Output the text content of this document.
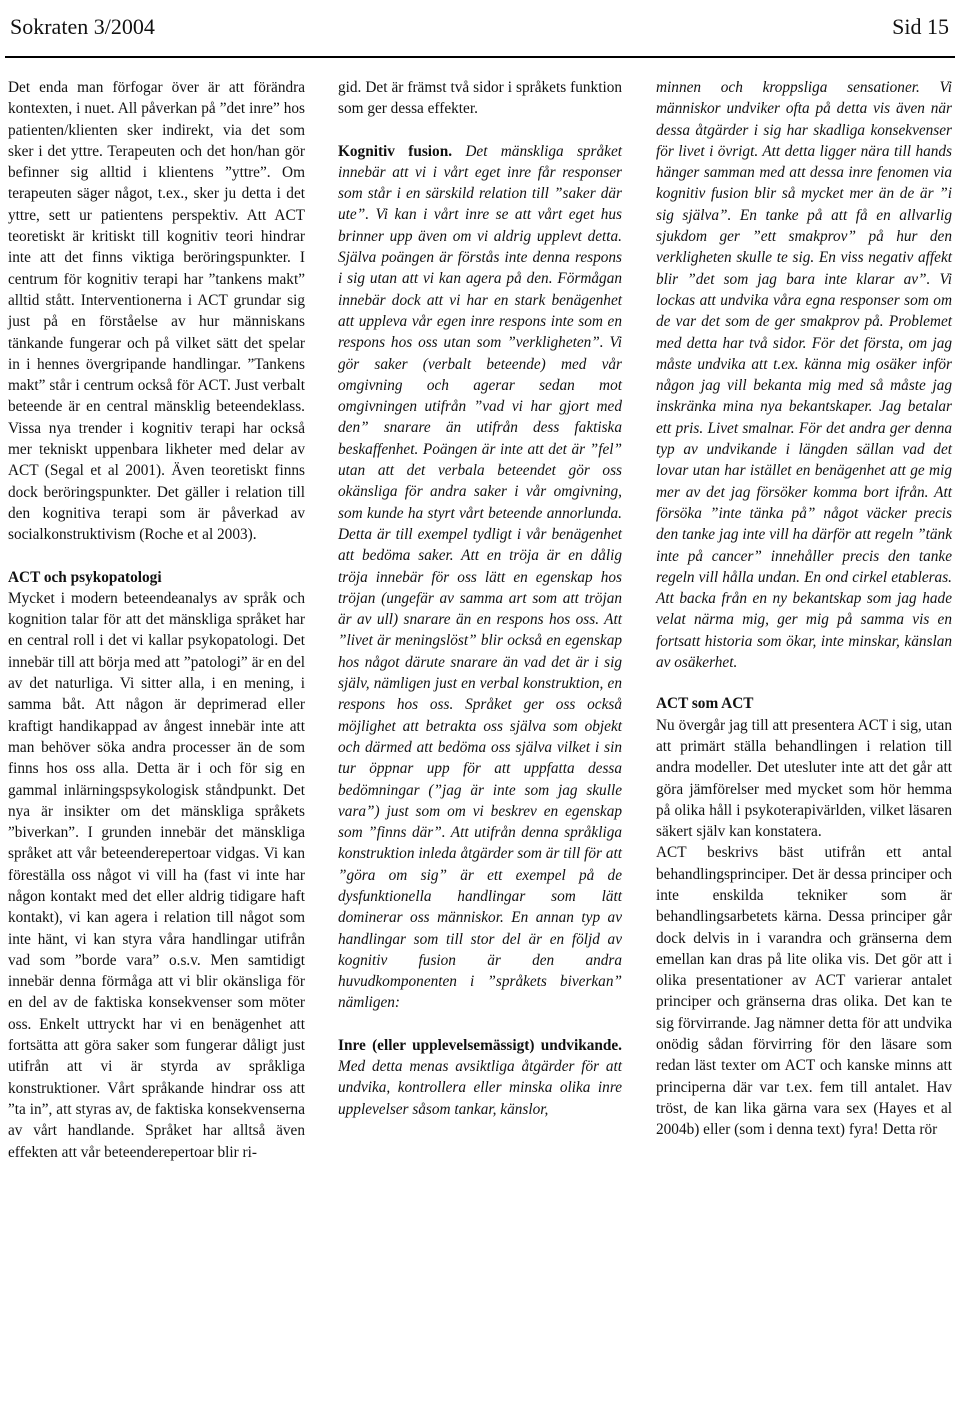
Sokraten 3/2004	Sid 15

Det enda man förfogar över är att förändra kontexten, i nuet. All påverkan på ”det inre” hos patienten/klienten sker indirekt, via det som sker i det yttre. Terapeuten och det hon/han gör befinner sig alltid i klientens ”yttre”. Om terapeuten säger något, t.ex., sker ju detta i det yttre, sett ur patientens perspektiv. Att ACT teoretiskt är kritiskt till kognitiv teori hindrar inte att det finns viktiga beröringspunkter. I centrum för kognitiv terapi har ”tankens makt” alltid stått. Interventionerna i ACT grundar sig just på en förståelse av hur människans tänkande fungerar och på vilket sätt det spelar in i hennes övergripande handlingar. ”Tankens makt” står i centrum också för ACT. Just verbalt beteende är en central mänsklig beteendeklass. Vissa nya trender i kognitiv terapi har också mer tekniskt uppenbara likheter med delar av ACT (Segal et al 2001). Även teoretiskt finns dock beröringspunkter. Det gäller i relation till den kognitiva terapi som är påverkad av socialkonstruktivism (Roche et al 2003).

ACT och psykopatologi

Mycket i modern beteendeanalys av språk och kognition talar för att det mänskliga språket har en central roll i det vi kallar psykopatologi. Det innebär till att börja med att ”patologi” är en del av det naturliga. Vi sitter alla, i en mening, i samma båt. Att någon är deprimerad eller kraftigt handikappad av ångest innebär inte att man behöver söka andra processer än de som finns hos oss alla. Detta är i och för sig en gammal inlärningspsykologisk ståndpunkt. Det nya är insikter om det mänskliga språkets ”biverkan”. I grunden innebär det mänskliga språket att vår beteenderepertoar vidgas. Vi kan föreställa oss något vi vill ha (fast vi inte har någon kontakt med det eller aldrig tidigare haft kontakt), vi kan agera i relation till något som inte hänt, vi kan styra våra handlingar utifrån vad som ”borde vara” o.s.v. Men samtidigt innebär denna förmåga att vi blir okänsliga för en del av de faktiska konsekvenser som möter oss. Enkelt uttryckt har vi en benägenhet att fortsätta att göra saker som fungerar dåligt just utifrån att vi är styrda av språkliga konstruktioner. Vårt språkande hindrar oss att ”ta in”, att styras av, de faktiska konsekvenserna av vårt handlande. Språket har alltså även effekten att vår beteenderepertoar blir ri-

gid. Det är främst två sidor i språkets funktion som ger dessa effekter.

Kognitiv fusion. Det mänskliga språket innebär att vi i vårt eget inre får responser som står i en särskild relation till ”saker där ute”. Vi kan i vårt inre se att vårt eget hus brinner upp även om vi aldrig upplevt detta. Själva poängen är förstås inte denna respons i sig utan att vi kan agera på den. Förmågan innebär dock att vi har en stark benägenhet att uppleva vår egen inre respons inte som en respons hos oss utan som ”verkligheten”. Vi gör saker (verbalt beteende) med vår omgivning och agerar sedan mot omgivningen utifrån ”vad vi har gjort med den” snarare än utifrån dess faktiska beskaffenhet. Poängen är inte att det är ”fel” utan att det verbala beteendet gör oss okänsliga för andra saker i vår omgivning, som kunde ha styrt vårt beteende annorlunda. Detta är till exempel tydligt i vår benägenhet att bedöma saker. Att en tröja är en dålig tröja innebär för oss lätt en egenskap hos tröjan (ungefär av samma art som att tröjan är av ull) snarare än en respons hos oss. Att ”livet är meningslöst” blir också en egenskap hos något därute snarare än vad det är i sig själv, nämligen just en verbal konstruktion, en respons hos oss. Språket ger oss också möjlighet att betrakta oss själva som objekt och därmed att bedöma oss själva vilket i sin tur öppnar upp för att uppfatta dessa bedömningar (”jag är inte som jag skulle vara”) just som om vi beskrev en egenskap som ”finns där”. Att utifrån denna språkliga konstruktion inleda åtgärder som är till för att ”göra om sig” är ett exempel på de dysfunktionella handlingar som lätt dominerar oss människor. En annan typ av handlingar som till stor del är en följd av kognitiv fusion är den andra huvudkomponenten i ”språkets biverkan” nämligen:

Inre (eller upplevelsemässigt) undvikande. Med detta menas avsiktliga åtgärder för att undvika, kontrollera eller minska olika inre upplevelser såsom tankar, känslor,

minnen och kroppsliga sensationer. Vi människor undviker ofta på detta vis även när dessa åtgärder i sig har skadliga konsekvenser för livet i övrigt. Att detta ligger nära till hands hänger samman med att dessa inre fenomen via kognitiv fusion blir så mycket mer än de är ”i sig själva”. En tanke på att få en allvarlig sjukdom ger ”ett smakprov” på hur den verkligheten skulle te sig. En viss negativ affekt blir ”det som jag bara inte klarar av”. Vi lockas att undvika våra egna responser som om de var det som de ger smakprov på. Problemet med detta har två sidor. För det första, om jag måste undvika att t.ex. känna mig osäker inför någon jag vill bekanta mig med så måste jag inskränka mina nya bekantskaper. Jag betalar ett pris. Livet smalnar. För det andra ger denna typ av undvikande i längden sällan vad det lovar utan har istället en benägenhet att ge mig mer av det jag försöker komma bort ifrån. Att försöka ”inte tänka på” något väcker precis den tanke jag inte vill ha därför att regeln ”tänk inte på cancer” innehåller precis den tanke regeln vill hålla undan. En ond cirkel etableras. Att backa från en ny bekantskap som jag hade velat närma mig, ger mig på samma vis en fortsatt historia som ökar, inte minskar, känslan av osäkerhet.

ACT som ACT

Nu övergår jag till att presentera ACT i sig, utan att primärt ställa behandlingen i relation till andra modeller. Det utesluter inte att det går att göra jämförelser med mycket som hör hemma på olika håll i psykoterapivärlden, vilket läsaren säkert själv kan konstatera.

ACT beskrivs bäst utifrån ett antal behandlingsprinciper. Det är dessa principer och inte enskilda tekniker som är behandlingsarbetets kärna. Dessa principer går dock delvis in i varandra och gränserna dem emellan kan dras på lite olika vis. Det gör att i olika presentationer av ACT varierar antalet principer och gränserna dras olika. Det kan te sig förvirrande. Jag nämner detta för att undvika onödig sådan förvirring för den läsare som redan läst texter om ACT och kanske minns att principerna där var t.ex. fem till antalet. Hav tröst, de kan lika gärna vara sex (Hayes et al 2004b) eller (som i denna text) fyra! Detta rör
